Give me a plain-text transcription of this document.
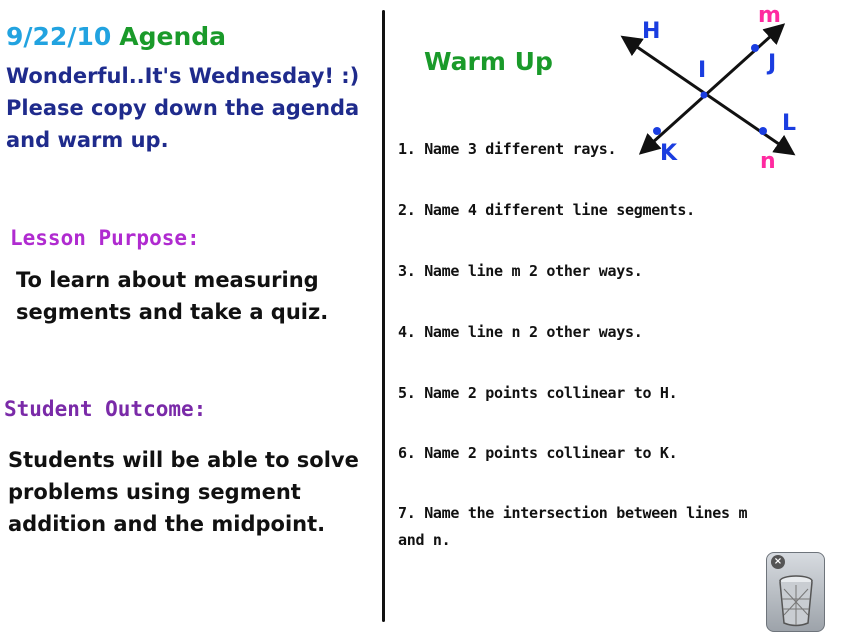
9/22/10 Agenda
Wonderful..It's Wednesday! :) Please copy down the agenda and warm up.
Lesson Purpose:
To learn about measuring segments and take a quiz.
Student Outcome:
Students will be able to solve problems using segment addition and the midpoint.
Warm Up
1. Name 3 different rays.
2. Name 4 different line segments.
3. Name line m 2 other ways.
4. Name line n 2 other ways.
5. Name 2 points collinear to H.
6. Name 2 points collinear to K.
7. Name the intersection between lines m and n.
H
I	J
K
L
m
n
×
